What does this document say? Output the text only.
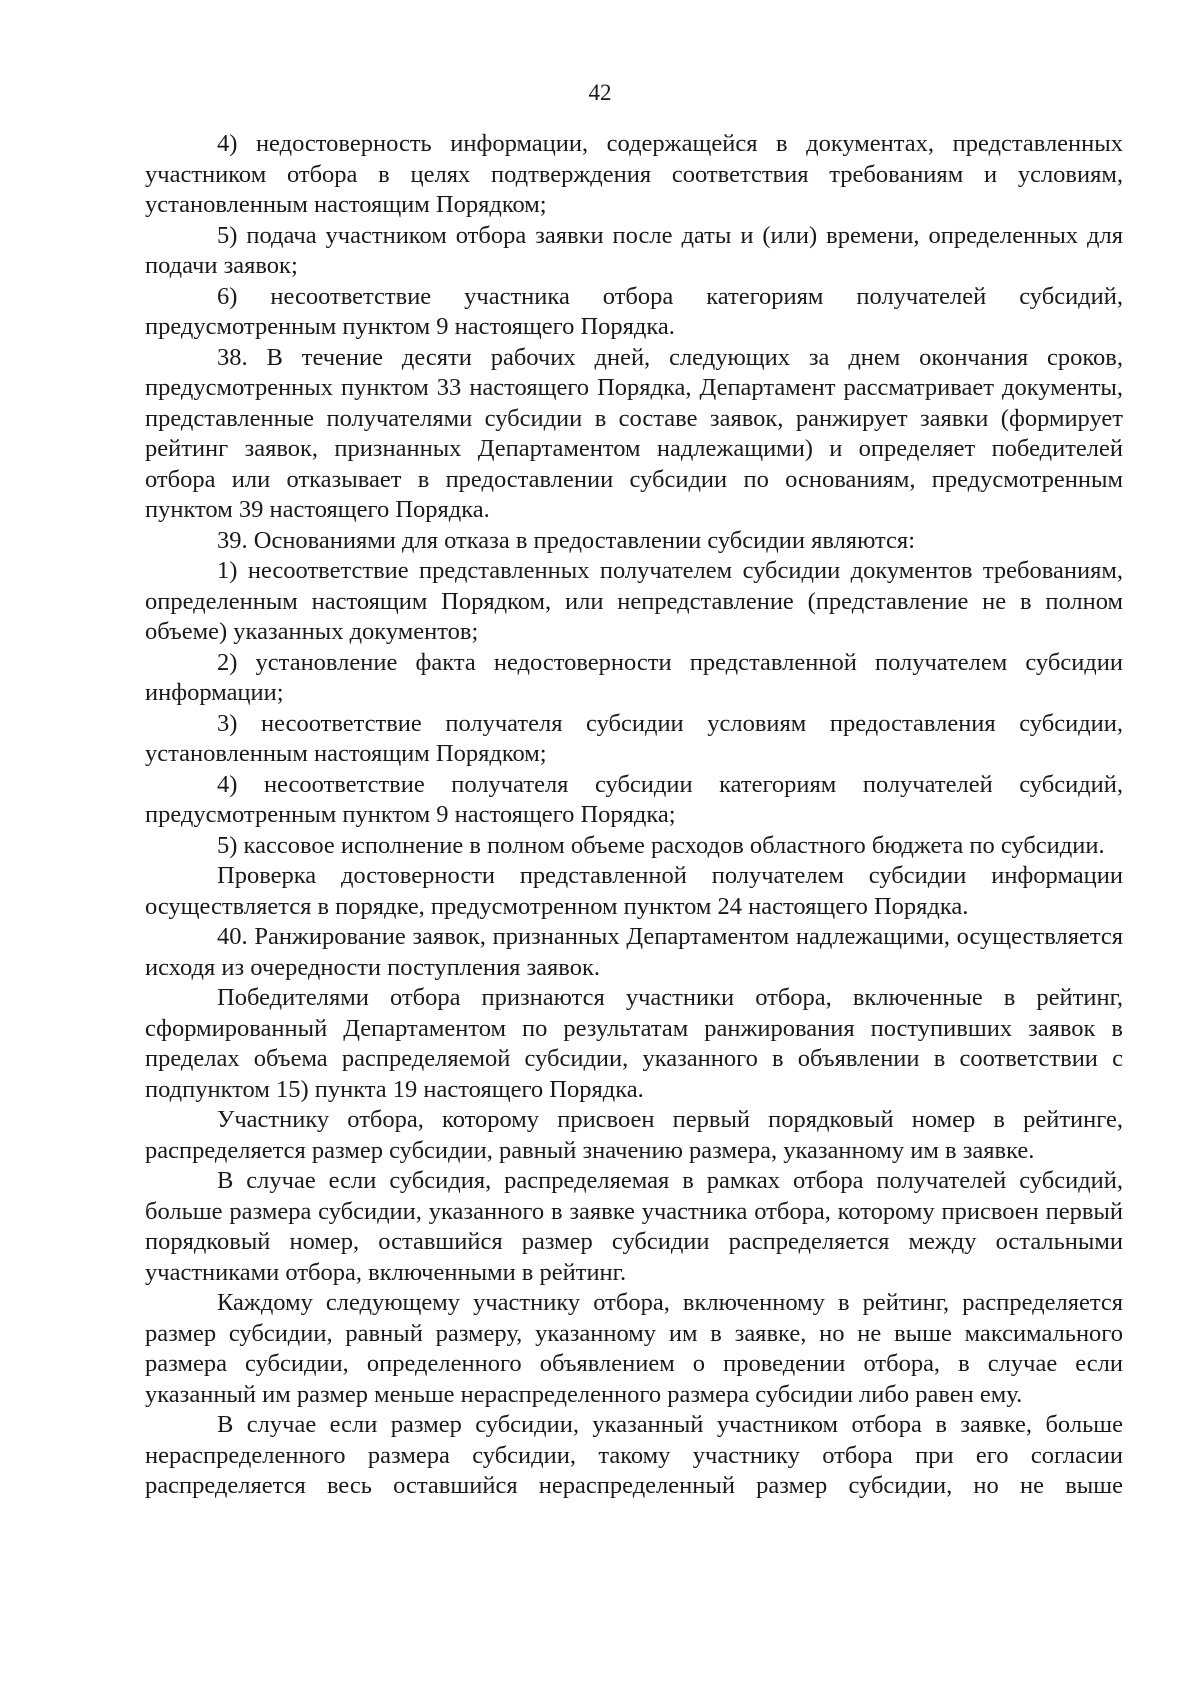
42

4) недостоверность информации, содержащейся в документах, представленных участником отбора в целях подтверждения соответствия требованиям и условиям, установленным настоящим Порядком;

5) подача участником отбора заявки после даты и (или) времени, определенных для подачи заявок;

6) несоответствие участника отбора категориям получателей субсидий, предусмотренным пунктом 9 настоящего Порядка.

38. В течение десяти рабочих дней, следующих за днем окончания сроков, предусмотренных пунктом 33 настоящего Порядка, Департамент рассматривает документы, представленные получателями субсидии в составе заявок, ранжирует заявки (формирует рейтинг заявок, признанных Департаментом надлежащими) и определяет победителей отбора или отказывает в предоставлении субсидии по основаниям, предусмотренным пунктом 39 настоящего Порядка.

39. Основаниями для отказа в предоставлении субсидии являются:

1) несоответствие представленных получателем субсидии документов требованиям, определенным настоящим Порядком, или непредставление (представление не в полном объеме) указанных документов;

2) установление факта недостоверности представленной получателем субсидии информации;

3) несоответствие получателя субсидии условиям предоставления субсидии, установленным настоящим Порядком;

4) несоответствие получателя субсидии категориям получателей субсидий, предусмотренным пунктом 9 настоящего Порядка;

5) кассовое исполнение в полном объеме расходов областного бюджета по субсидии.

Проверка достоверности представленной получателем субсидии информации осуществляется в порядке, предусмотренном пунктом 24 настоящего Порядка.

40. Ранжирование заявок, признанных Департаментом надлежащими, осуществляется исходя из очередности поступления заявок.

Победителями отбора признаются участники отбора, включенные в рейтинг, сформированный Департаментом по результатам ранжирования поступивших заявок в пределах объема распределяемой субсидии, указанного в объявлении в соответствии с подпунктом 15) пункта 19 настоящего Порядка.

Участнику отбора, которому присвоен первый порядковый номер в рейтинге, распределяется размер субсидии, равный значению размера, указанному им в заявке.

В случае если субсидия, распределяемая в рамках отбора получателей субсидий, больше размера субсидии, указанного в заявке участника отбора, которому присвоен первый порядковый номер, оставшийся размер субсидии распределяется между остальными участниками отбора, включенными в рейтинг.

Каждому следующему участнику отбора, включенному в рейтинг, распределяется размер субсидии, равный размеру, указанному им в заявке, но не выше максимального размера субсидии, определенного объявлением о проведении отбора, в случае если указанный им размер меньше нераспределенного размера субсидии либо равен ему.

В случае если размер субсидии, указанный участником отбора в заявке, больше нераспределенного размера субсидии, такому участнику отбора при его согласии распределяется весь оставшийся нераспределенный размер субсидии, но не выше
